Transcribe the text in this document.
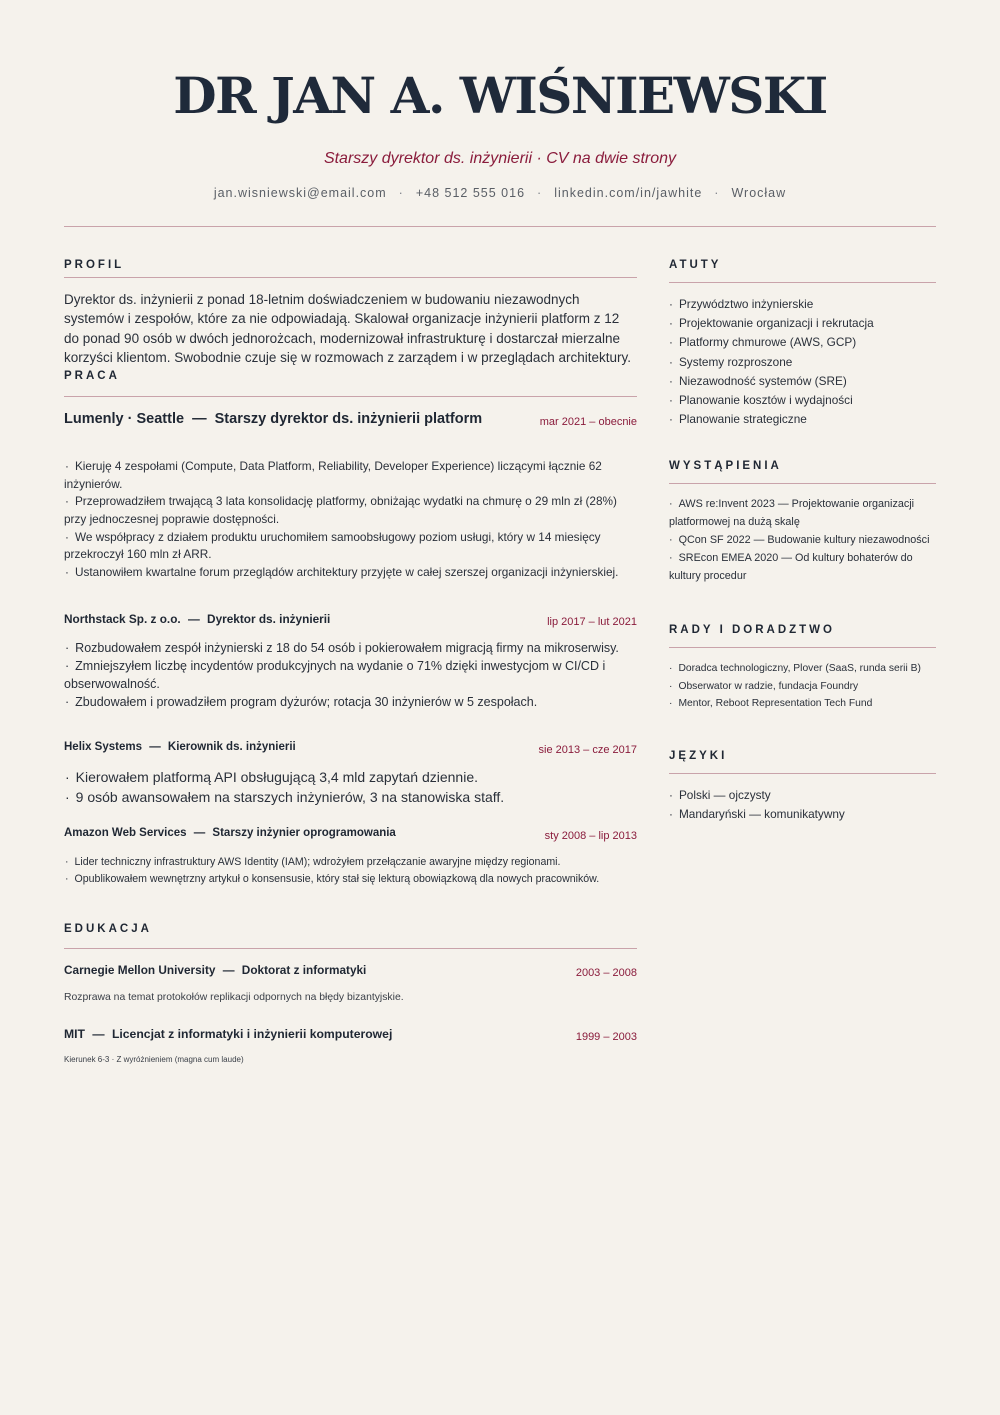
DR JAN A. WIŚNIEWSKI
Starszy dyrektor ds. inżynierii · CV na dwie strony
jan.wisniewski@email.com · +48 512 555 016 · linkedin.com/in/jawhite · Wrocław
PROFIL

Dyrektor ds. inżynierii z ponad 18-letnim doświadczeniem w budowaniu niezawodnych systemów i zespołów, które za nie odpowiadają. Skalował organizacje inżynierii platform z 12 do ponad 90 osób w dwóch jednorożcach, modernizował infrastrukturę i dostarczał mierzalne korzyści klientom. Swobodnie czuje się w rozmowach z zarządem i w przeglądach architektury.

PRACA
Lumenly · Seattle — Starszy dyrektor ds. inżynierii platform	mar 2021 – obecnie
· Kieruję 4 zespołami (Compute, Data Platform, Reliability, Developer Experience) liczącymi łącznie 62 inżynierów.
· Przeprowadziłem trwającą 3 lata konsolidację platformy, obniżając wydatki na chmurę o 29 mln zł (28%) przy jednoczesnej poprawie dostępności.
· We współpracy z działem produktu uruchomiłem samoobsługowy poziom usługi, który w 14 miesięcy przekroczył 160 mln zł ARR.
· Ustanowiłem kwartalne forum przeglądów architektury przyjęte w całej szerszej organizacji inżynierskiej.
Northstack Sp. z o.o. — Dyrektor ds. inżynierii	lip 2017 – lut 2021
· Rozbudowałem zespół inżynierski z 18 do 54 osób i pokierowałem migracją firmy na mikroserwisy.
· Zmniejszyłem liczbę incydentów produkcyjnych na wydanie o 71% dzięki inwestycjom w CI/CD i obserwowalność.
· Zbudowałem i prowadziłem program dyżurów; rotacja 30 inżynierów w 5 zespołach.
Helix Systems — Kierownik ds. inżynierii	sie 2013 – cze 2017
· Kierowałem platformą API obsługującą 3,4 mld zapytań dziennie.
· 9 osób awansowałem na starszych inżynierów, 3 na stanowiska staff.
Amazon Web Services — Starszy inżynier oprogramowania	sty 2008 – lip 2013
· Lider techniczny infrastruktury AWS Identity (IAM); wdrożyłem przełączanie awaryjne między regionami.
· Opublikowałem wewnętrzny artykuł o konsensusie, który stał się lekturą obowiązkową dla nowych pracowników.
EDUKACJA
Carnegie Mellon University — Doktorat z informatyki	2003 – 2008
Rozprawa na temat protokołów replikacji odpornych na błędy bizantyjskie.
MIT — Licencjat z informatyki i inżynierii komputerowej	1999 – 2003
Kierunek 6-3 · Z wyróżnieniem (magna cum laude)
ATUTY
· Przywództwo inżynierskie
· Projektowanie organizacji i rekrutacja
· Platformy chmurowe (AWS, GCP)
· Systemy rozproszone
· Niezawodność systemów (SRE)
· Planowanie kosztów i wydajności
· Planowanie strategiczne
WYSTĄPIENIA
· AWS re:Invent 2023 — Projektowanie organizacji platformowej na dużą skalę
· QCon SF 2022 — Budowanie kultury niezawodności
· SREcon EMEA 2020 — Od kultury bohaterów do kultury procedur
RADY I DORADZTWO
· Doradca technologiczny, Plover (SaaS, runda serii B)
· Obserwator w radzie, fundacja Foundry
· Mentor, Reboot Representation Tech Fund
JĘZYKI
· Polski — ojczysty
· Mandaryński — komunikatywny
